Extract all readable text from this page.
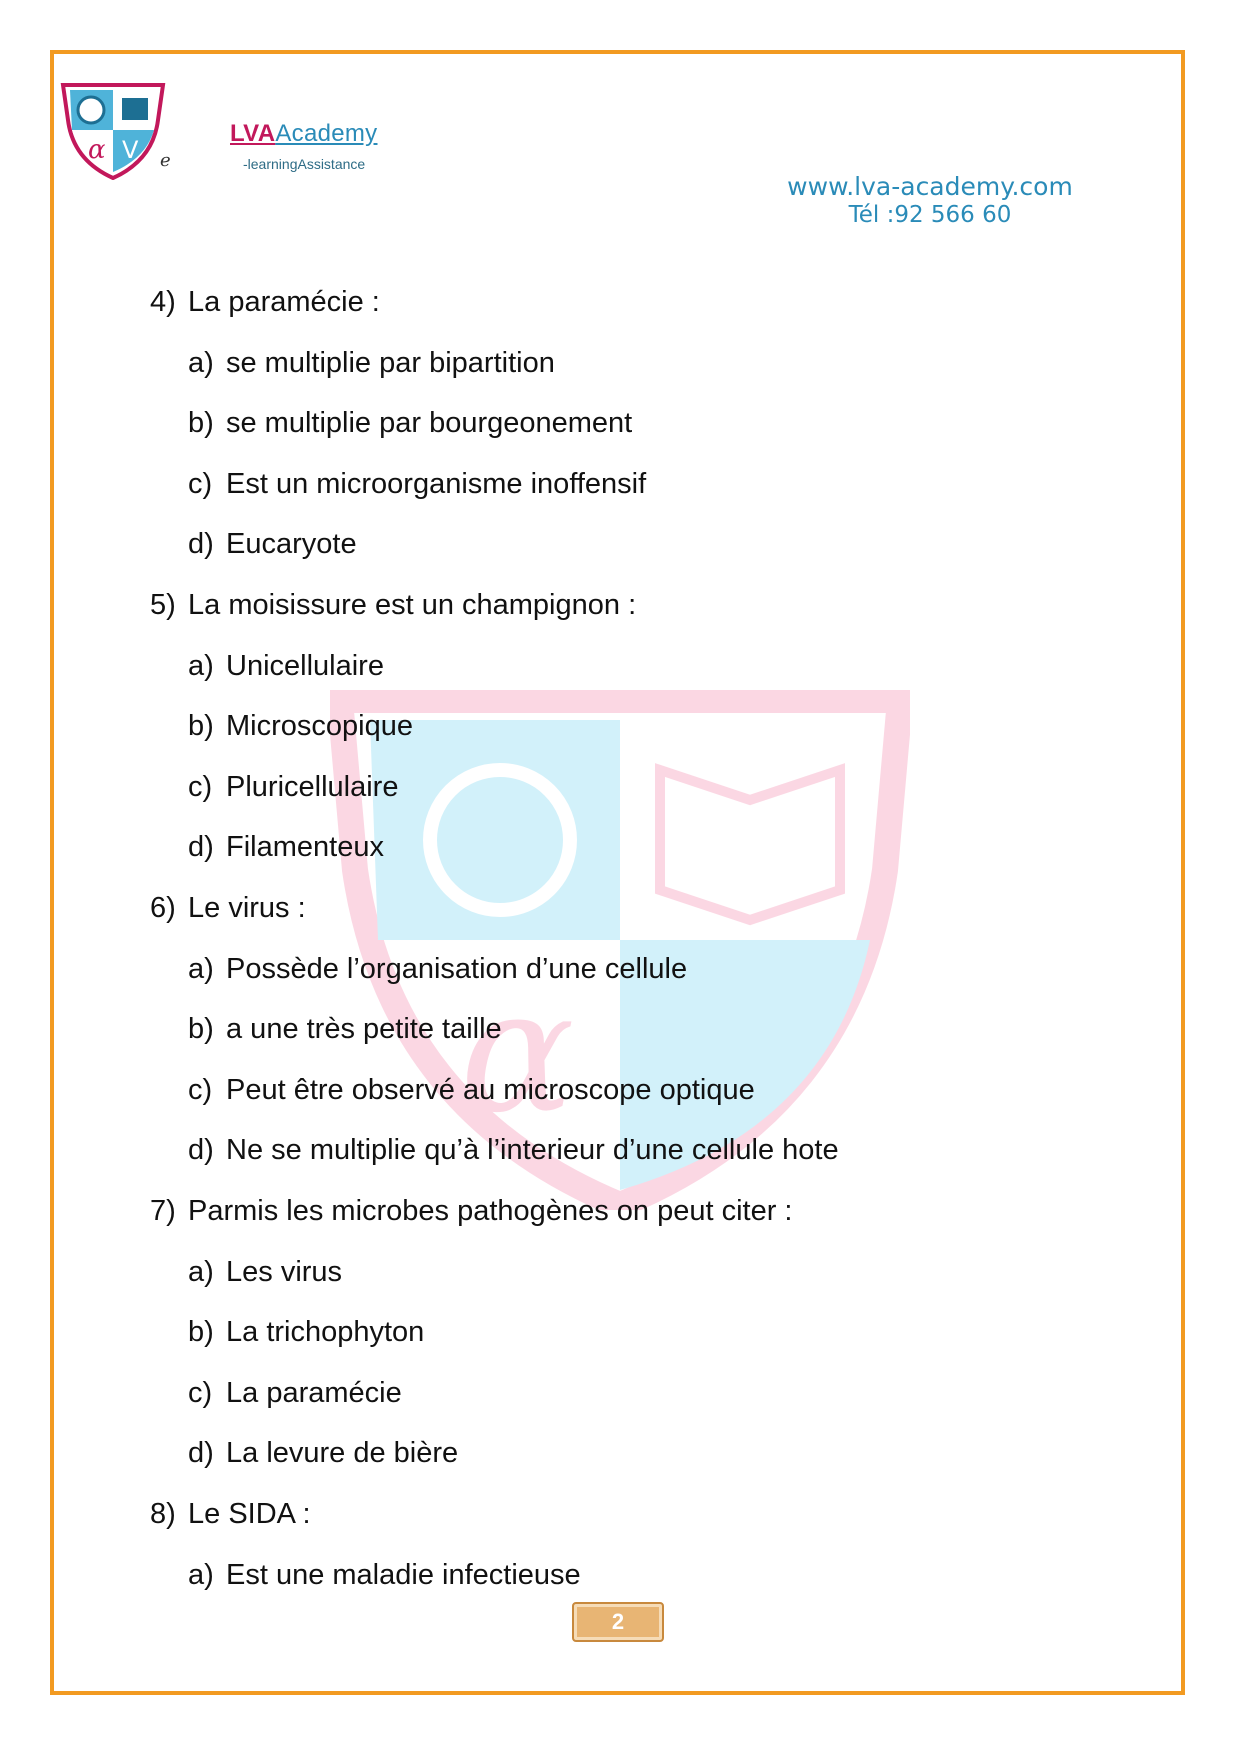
α V e
LVAAcademy
-learningAssistance
www.lva-academy.com
Tél :92 566 60
α
4) La paramécie :
a) se multiplie par bipartition
b) se multiplie par bourgeonement
c) Est un microorganisme inoffensif
d) Eucaryote
5) La moisissure est un champignon :
a) Unicellulaire
b) Microscopique
c) Pluricellulaire
d) Filamenteux
6) Le virus :
a) Possède l’organisation d’une cellule
b) a une très petite taille
c) Peut être observé au microscope optique
d) Ne se multiplie qu’à l’interieur d’une cellule hote
7) Parmis les microbes pathogènes on peut citer :
a) Les virus
b) La trichophyton
c) La paramécie
d) La levure de bière
8) Le SIDA :
a) Est une maladie infectieuse
2
